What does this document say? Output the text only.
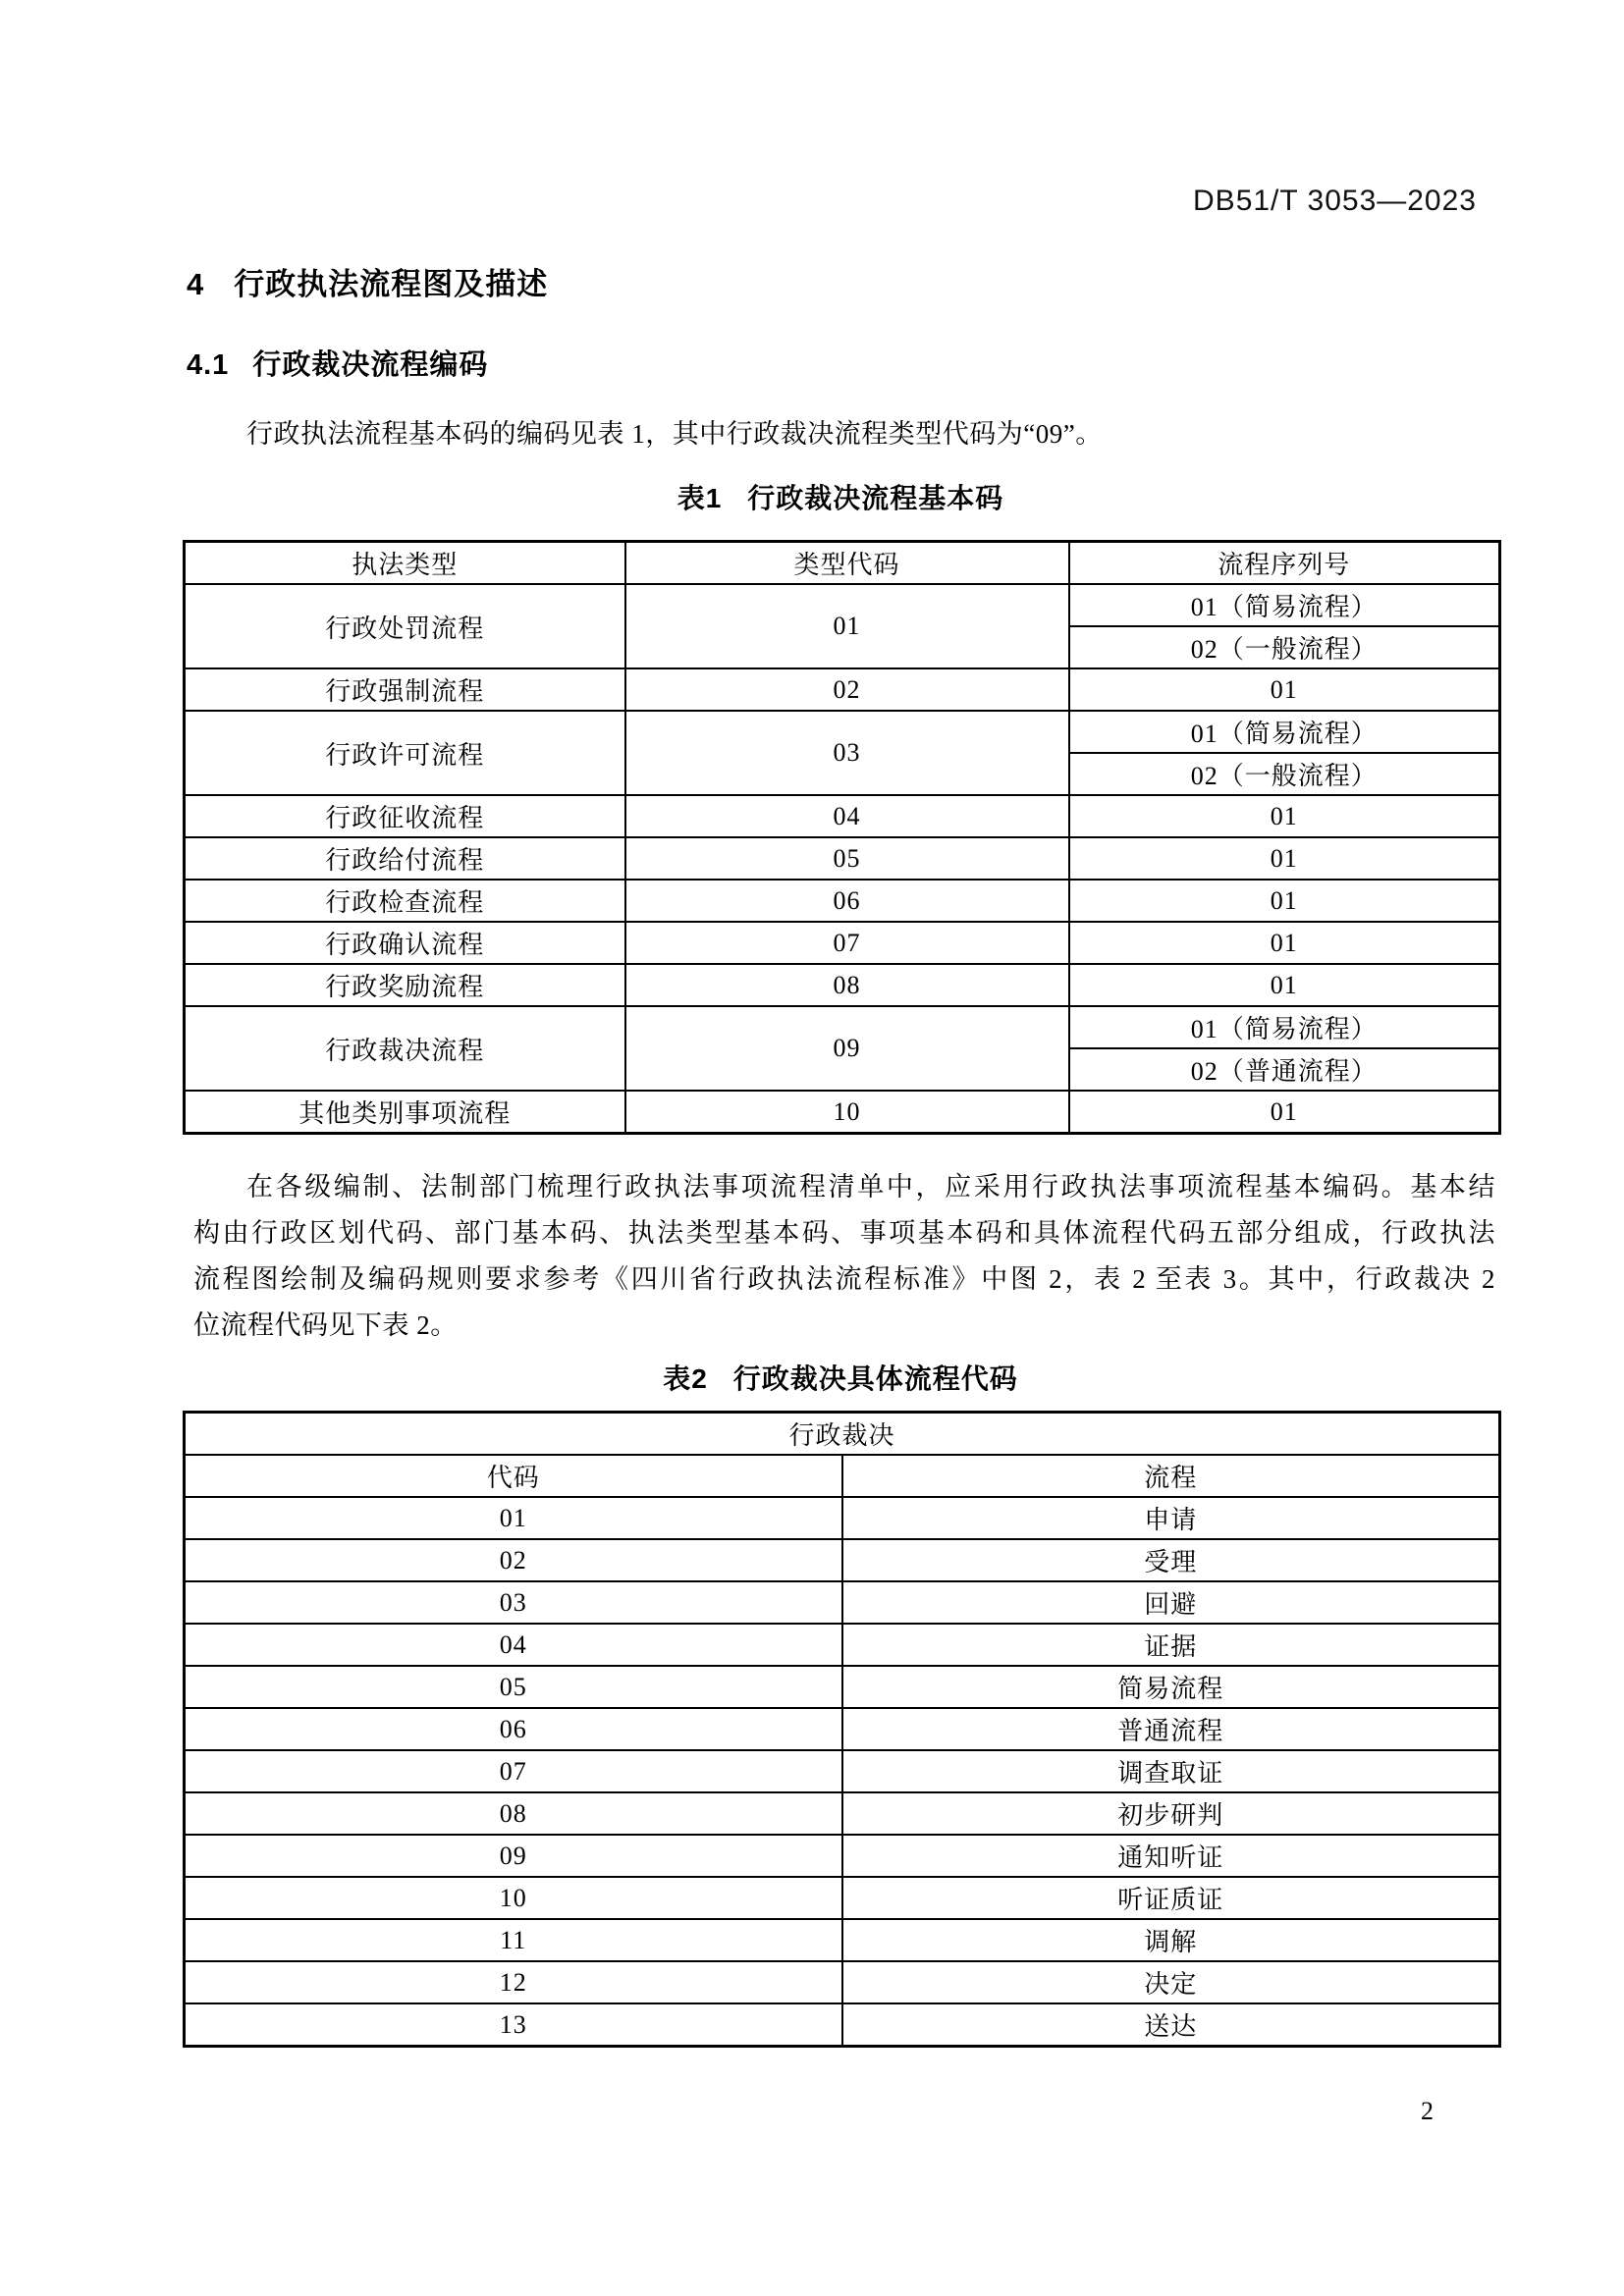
DB51/T 3053—2023
4 行政执法流程图及描述
4.1 行政裁决流程编码
行政执法流程基本码的编码见表 1，其中行政裁决流程类型代码为“09”。
表1 行政裁决流程基本码
执法类型	类型代码	流程序列号
行政处罚流程	01	01（简易流程）
		02（一般流程）
行政强制流程	02	01
行政许可流程	03	01（简易流程）
		02（一般流程）
行政征收流程	04	01
行政给付流程	05	01
行政检查流程	06	01
行政确认流程	07	01
行政奖励流程	08	01
行政裁决流程	09	01（简易流程）
		02（普通流程）
其他类别事项流程	10	01
在各级编制、法制部门梳理行政执法事项流程清单中，应采用行政执法事项流程基本编码。基本结
构由行政区划代码、部门基本码、执法类型基本码、事项基本码和具体流程代码五部分组成，行政执法
流程图绘制及编码规则要求参考《四川省行政执法流程标准》中图 2，表 2 至表 3。其中，行政裁决 2
位流程代码见下表 2。
表2 行政裁决具体流程代码
行政裁决	
代码	流程
01	申请
02	受理
03	回避
04	证据
05	简易流程
06	普通流程
07	调查取证
08	初步研判
09	通知听证
10	听证质证
11	调解
12	决定
13	送达
2
